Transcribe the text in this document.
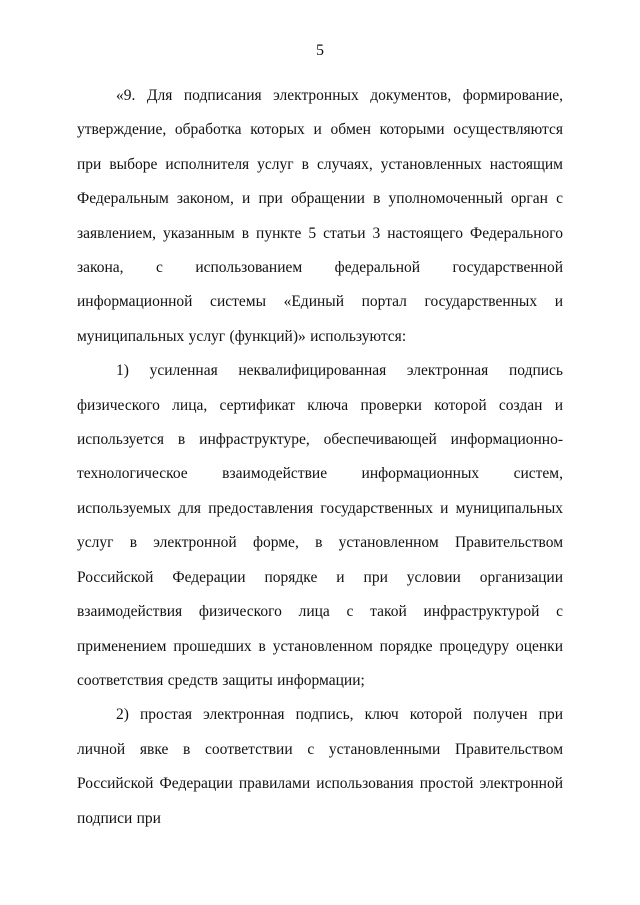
5

«9. Для подписания электронных документов, формирование, утверждение, обработка которых и обмен которыми осуществляются при выборе исполнителя услуг в случаях, установленных настоящим Федеральным законом, и при обращении в уполномоченный орган с заявлением, указанным в пункте 5 статьи 3 настоящего Федерального закона, с использованием федеральной государственной информационной системы «Единый портал государственных и муниципальных услуг (функций)» используются:

1) усиленная неквалифицированная электронная подпись физического лица, сертификат ключа проверки которой создан и используется в инфраструктуре, обеспечивающей информационно-технологическое взаимодействие информационных систем, используемых для предоставления государственных и муниципальных услуг в электронной форме, в установленном Правительством Российской Федерации порядке и при условии организации взаимодействия физического лица с такой инфраструктурой с применением прошедших в установленном порядке процедуру оценки соответствия средств защиты информации;

2) простая электронная подпись, ключ которой получен при личной явке в соответствии с установленными Правительством Российской Федерации правилами использования простой электронной подписи при
